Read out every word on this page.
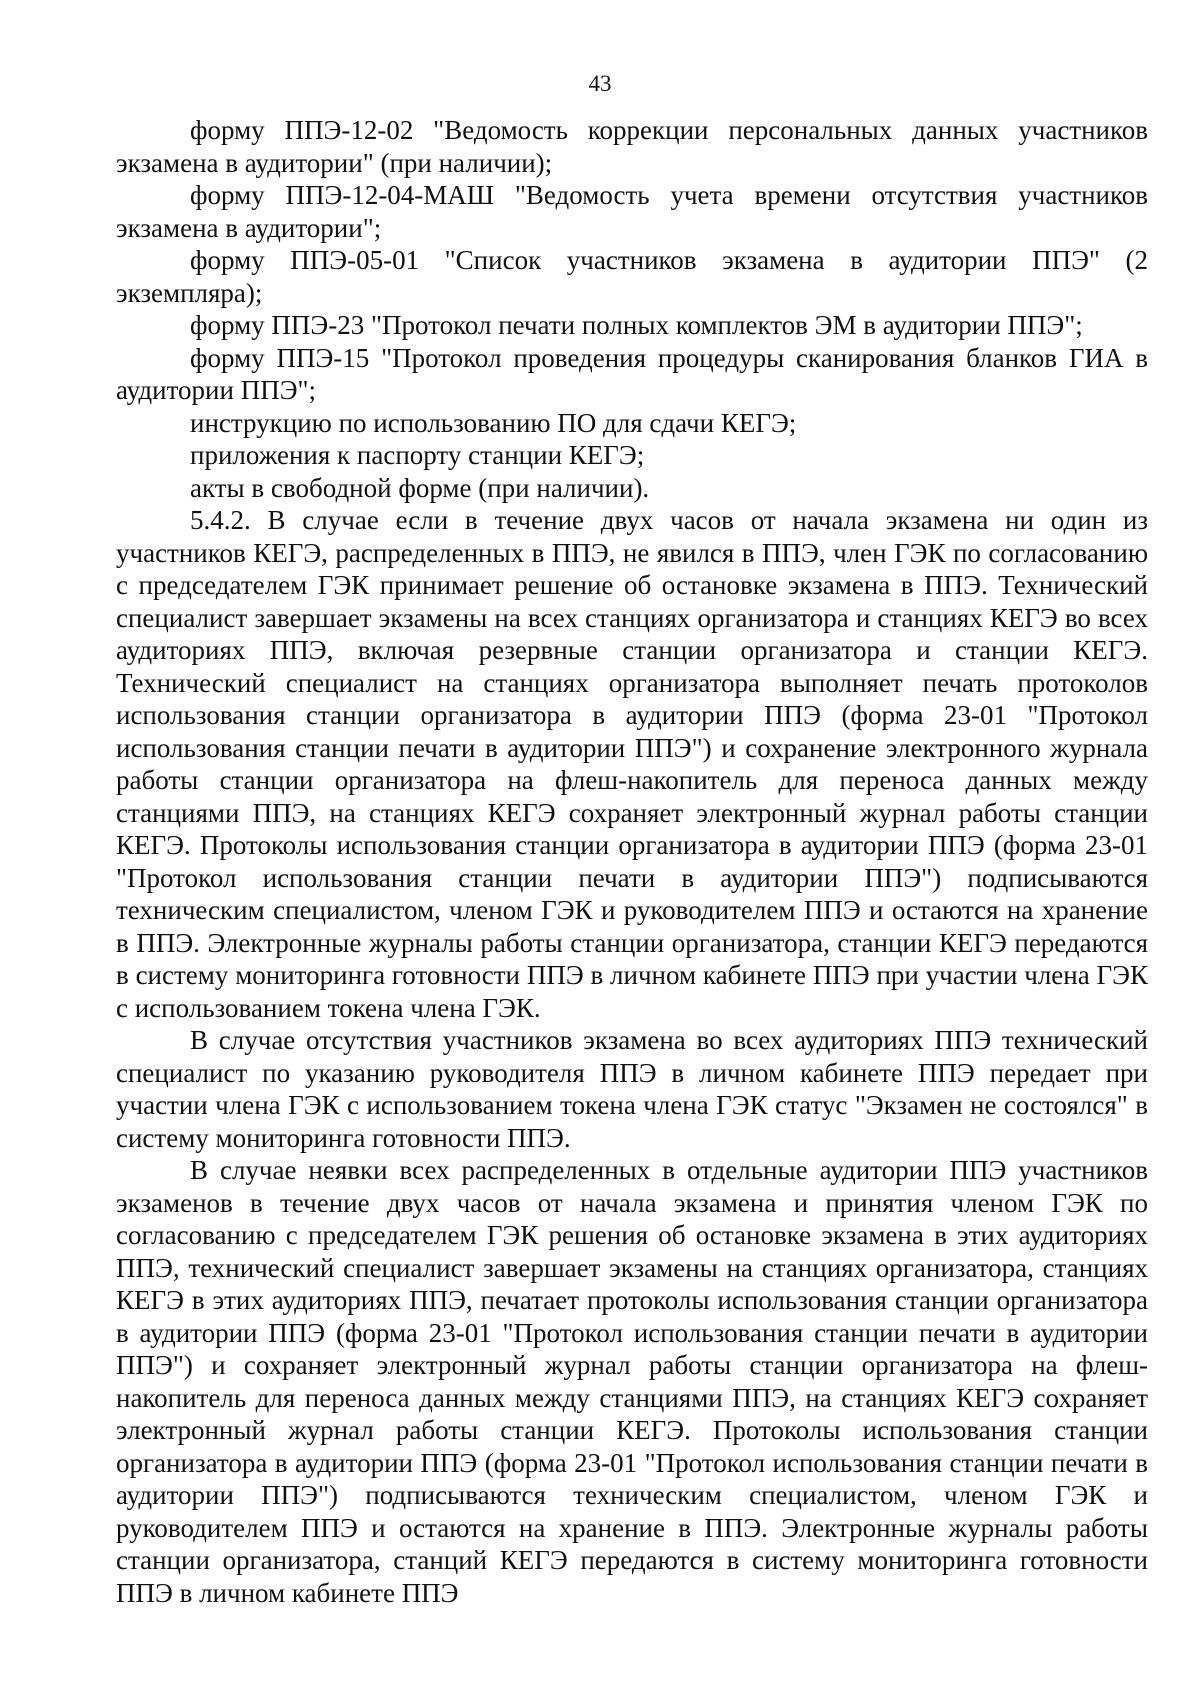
43

форму ППЭ-12-02 "Ведомость коррекции персональных данных участников экзамена в аудитории" (при наличии);

форму ППЭ-12-04-МАШ "Ведомость учета времени отсутствия участников экзамена в аудитории";

форму ППЭ-05-01 "Список участников экзамена в аудитории ППЭ" (2 экземпляра);

форму ППЭ-23 "Протокол печати полных комплектов ЭМ в аудитории ППЭ";

форму ППЭ-15 "Протокол проведения процедуры сканирования бланков ГИА в аудитории ППЭ";

инструкцию по использованию ПО для сдачи КЕГЭ;

приложения к паспорту станции КЕГЭ;

акты в свободной форме (при наличии).

5.4.2. В случае если в течение двух часов от начала экзамена ни один из участников КЕГЭ, распределенных в ППЭ, не явился в ППЭ, член ГЭК по согласованию с председателем ГЭК принимает решение об остановке экзамена в ППЭ. Технический специалист завершает экзамены на всех станциях организатора и станциях КЕГЭ во всех аудиториях ППЭ, включая резервные станции организатора и станции КЕГЭ. Технический специалист на станциях организатора выполняет печать протоколов использования станции организатора в аудитории ППЭ (форма 23-01 "Протокол использования станции печати в аудитории ППЭ") и сохранение электронного журнала работы станции организатора на флеш-накопитель для переноса данных между станциями ППЭ, на станциях КЕГЭ сохраняет электронный журнал работы станции КЕГЭ. Протоколы использования станции организатора в аудитории ППЭ (форма 23-01 "Протокол использования станции печати в аудитории ППЭ") подписываются техническим специалистом, членом ГЭК и руководителем ППЭ и остаются на хранение в ППЭ. Электронные журналы работы станции организатора, станции КЕГЭ передаются в систему мониторинга готовности ППЭ в личном кабинете ППЭ при участии члена ГЭК с использованием токена члена ГЭК.

В случае отсутствия участников экзамена во всех аудиториях ППЭ технический специалист по указанию руководителя ППЭ в личном кабинете ППЭ передает при участии члена ГЭК с использованием токена члена ГЭК статус "Экзамен не состоялся" в систему мониторинга готовности ППЭ.

В случае неявки всех распределенных в отдельные аудитории ППЭ участников экзаменов в течение двух часов от начала экзамена и принятия членом ГЭК по согласованию с председателем ГЭК решения об остановке экзамена в этих аудиториях ППЭ, технический специалист завершает экзамены на станциях организатора, станциях КЕГЭ в этих аудиториях ППЭ, печатает протоколы использования станции организатора в аудитории ППЭ (форма 23-01 "Протокол использования станции печати в аудитории ППЭ") и сохраняет электронный журнал работы станции организатора на флеш-накопитель для переноса данных между станциями ППЭ, на станциях КЕГЭ сохраняет электронный журнал работы станции КЕГЭ. Протоколы использования станции организатора в аудитории ППЭ (форма 23-01 "Протокол использования станции печати в аудитории ППЭ") подписываются техническим специалистом, членом ГЭК и руководителем ППЭ и остаются на хранение в ППЭ. Электронные журналы работы станции организатора, станций КЕГЭ передаются в систему мониторинга готовности ППЭ в личном кабинете ППЭ
